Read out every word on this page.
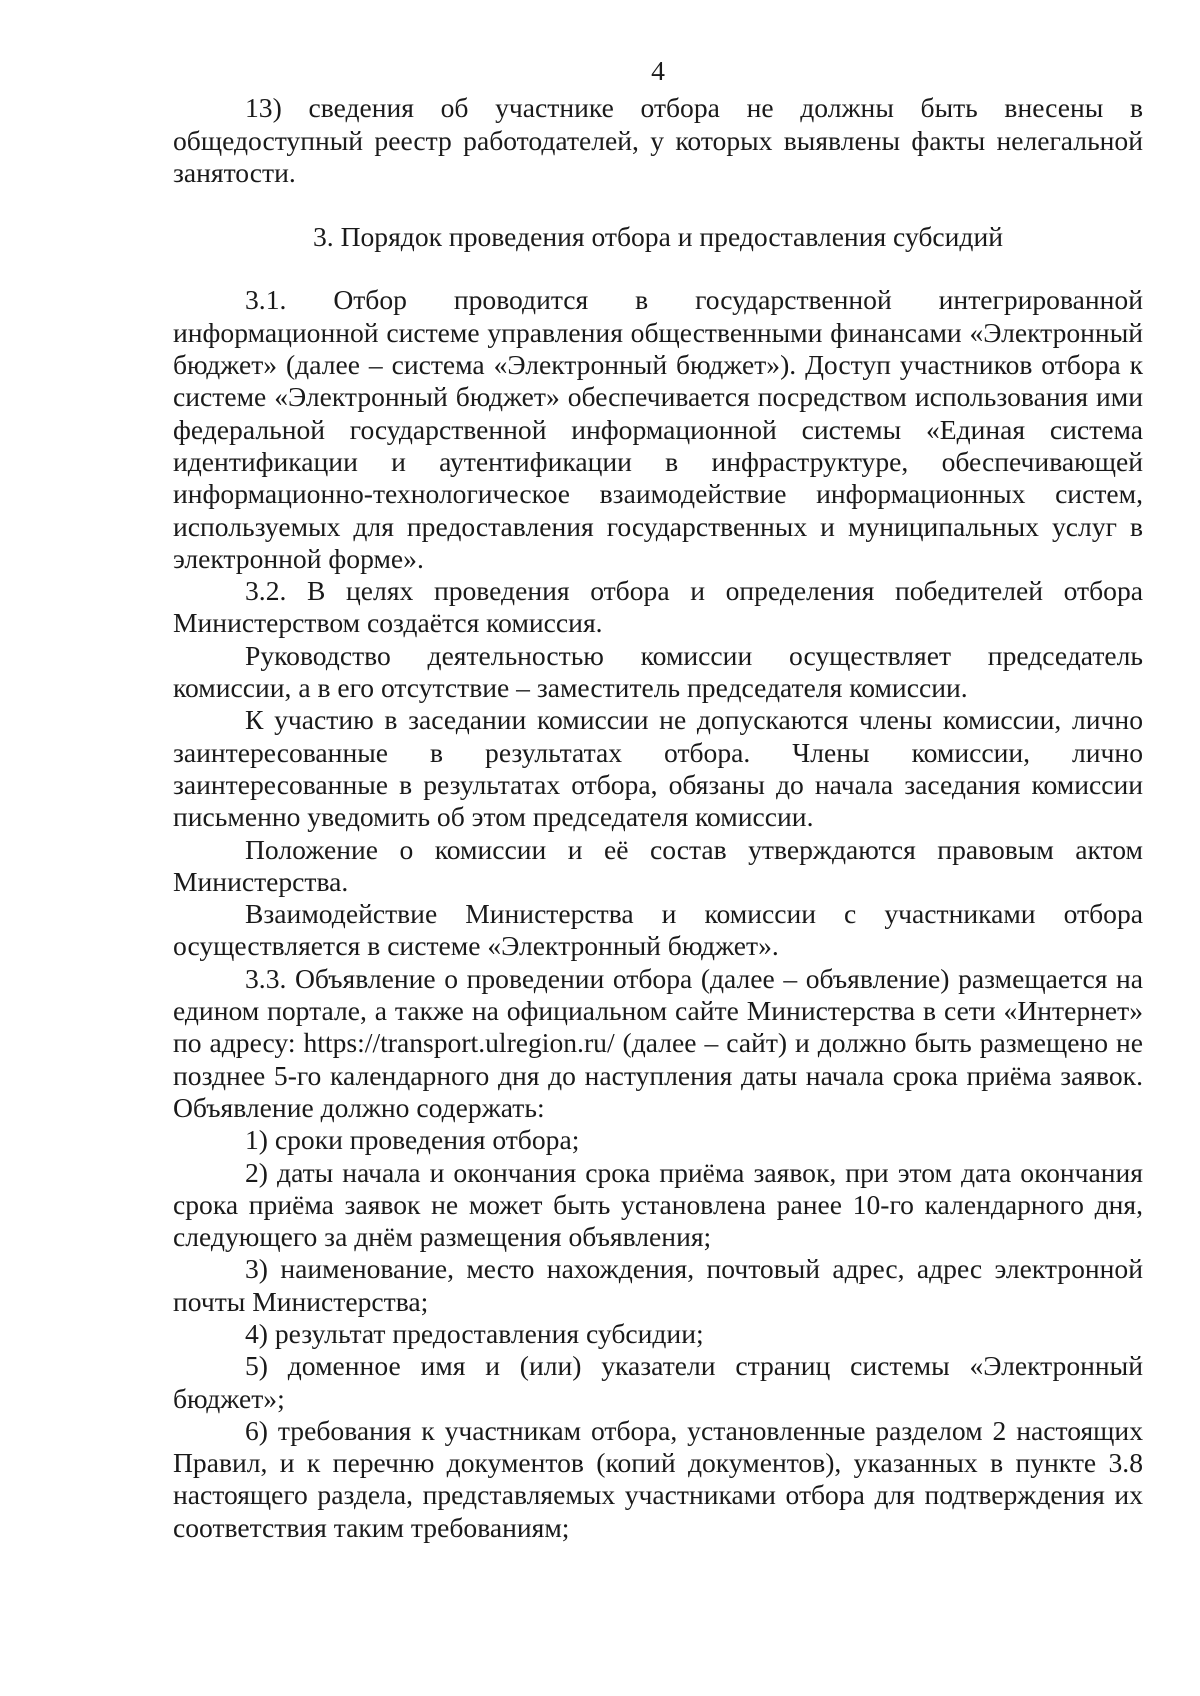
4

13) сведения об участнике отбора не должны быть внесены в общедоступный реестр работодателей, у которых выявлены факты нелегальной занятости.

3. Порядок проведения отбора и предоставления субсидий

3.1. Отбор проводится в государственной интегрированной информационной системе управления общественными финансами «Электронный бюджет» (далее – система «Электронный бюджет»). Доступ участников отбора к системе «Электронный бюджет» обеспечивается посредством использования ими федеральной государственной информационной системы «Единая система идентификации и аутентификации в инфраструктуре, обеспечивающей информационно-технологическое взаимодействие информационных систем, используемых для предоставления государственных и муниципальных услуг в электронной форме».

3.2. В целях проведения отбора и определения победителей отбора Министерством создаётся комиссия.

Руководство деятельностью комиссии осуществляет председатель комиссии, а в его отсутствие – заместитель председателя комиссии.

К участию в заседании комиссии не допускаются члены комиссии, лично заинтересованные в результатах отбора. Члены комиссии, лично заинтересованные в результатах отбора, обязаны до начала заседания комиссии письменно уведомить об этом председателя комиссии.

Положение о комиссии и её состав утверждаются правовым актом Министерства.

Взаимодействие Министерства и комиссии с участниками отбора осуществляется в системе «Электронный бюджет».

3.3. Объявление о проведении отбора (далее – объявление) размещается на едином портале, а также на официальном сайте Министерства в сети «Интернет» по адресу: https://transport.ulregion.ru/ (далее – сайт) и должно быть размещено не позднее 5-го календарного дня до наступления даты начала срока приёма заявок. Объявление должно содержать:

1) сроки проведения отбора;

2) даты начала и окончания срока приёма заявок, при этом дата окончания срока приёма заявок не может быть установлена ранее 10-го календарного дня, следующего за днём размещения объявления;

3) наименование, место нахождения, почтовый адрес, адрес электронной почты Министерства;

4) результат предоставления субсидии;

5) доменное имя и (или) указатели страниц системы «Электронный бюджет»;

6) требования к участникам отбора, установленные разделом 2 настоящих Правил, и к перечню документов (копий документов), указанных в пункте 3.8 настоящего раздела, представляемых участниками отбора для подтверждения их соответствия таким требованиям;
